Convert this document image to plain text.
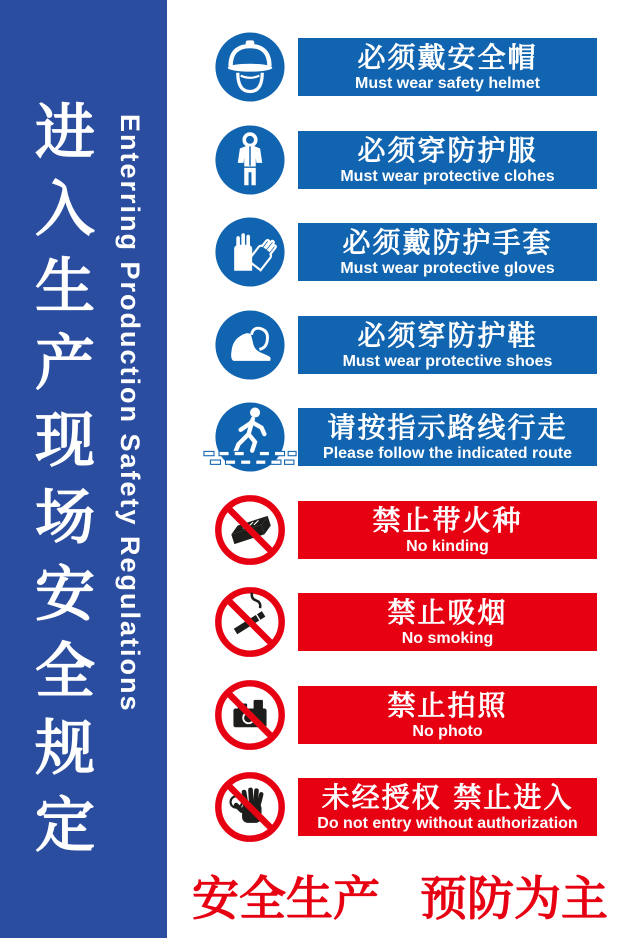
进入生产现场安全规定 Enterring Production Safety Regulations
必须戴安全帽
Must wear safety helmet
必须穿防护服
Must wear protective clohes
必须戴防护手套
Must wear protective gloves
必须穿防护鞋
Must wear protective shoes
请按指示路线行走
Please follow the indicated route
禁止带火种
No kinding
禁止吸烟
No smoking
禁止拍照
No photo
未经授权 禁止进入
Do not entry without authorization
安全生产 预防为主
